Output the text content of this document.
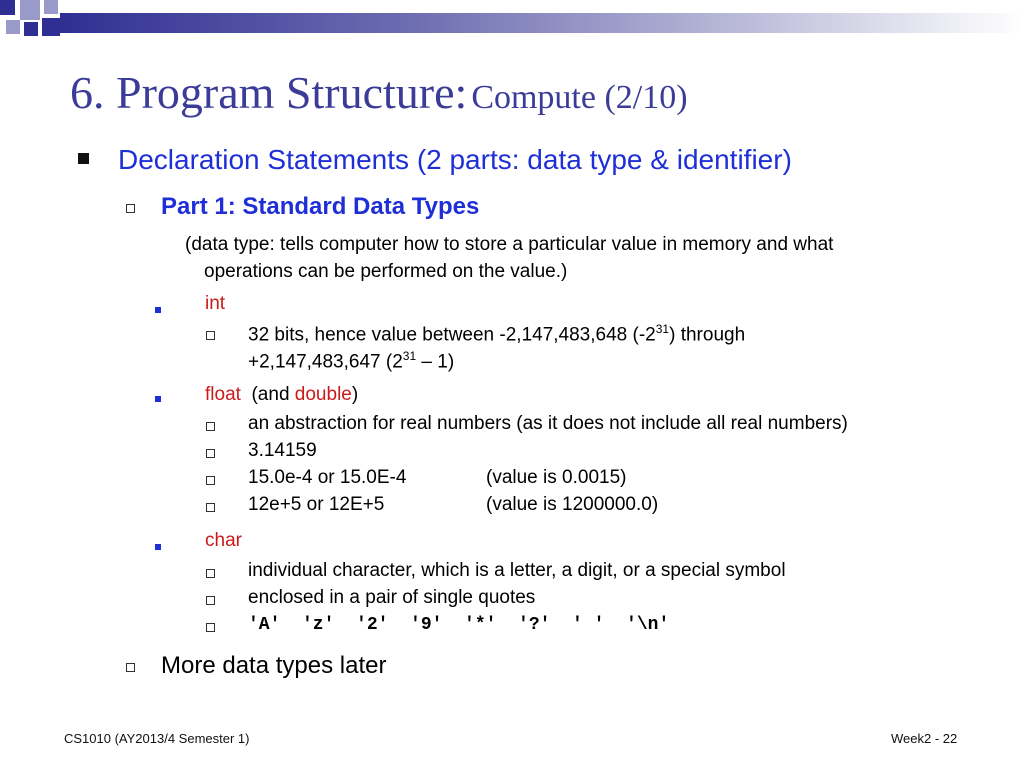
6. Program Structure: Compute (2/10)
Declaration Statements (2 parts: data type & identifier)
Part 1: Standard Data Types
(data type: tells computer how to store a particular value in memory and what
operations can be performed on the value.)
int
32 bits, hence value between -2,147,483,648 $(-2^{31})$ through
+2,147,483,647 $(2^{31} - 1)$
float (and double)
an abstraction for real numbers (as it does not include all real numbers)
3.14159
15.0e-4 or 15.0E-4	(value is 0.0015)
12e+5 or 12E+5	(value is 1200000.0)
char
individual character, which is a letter, a digit, or a special symbol
enclosed in a pair of single quotes
'A'  'z'  '2'  '9'  '*'  '?'  ' '  '\n'
More data types later
CS1010 (AY2013/4 Semester 1)	Week2 - 22
